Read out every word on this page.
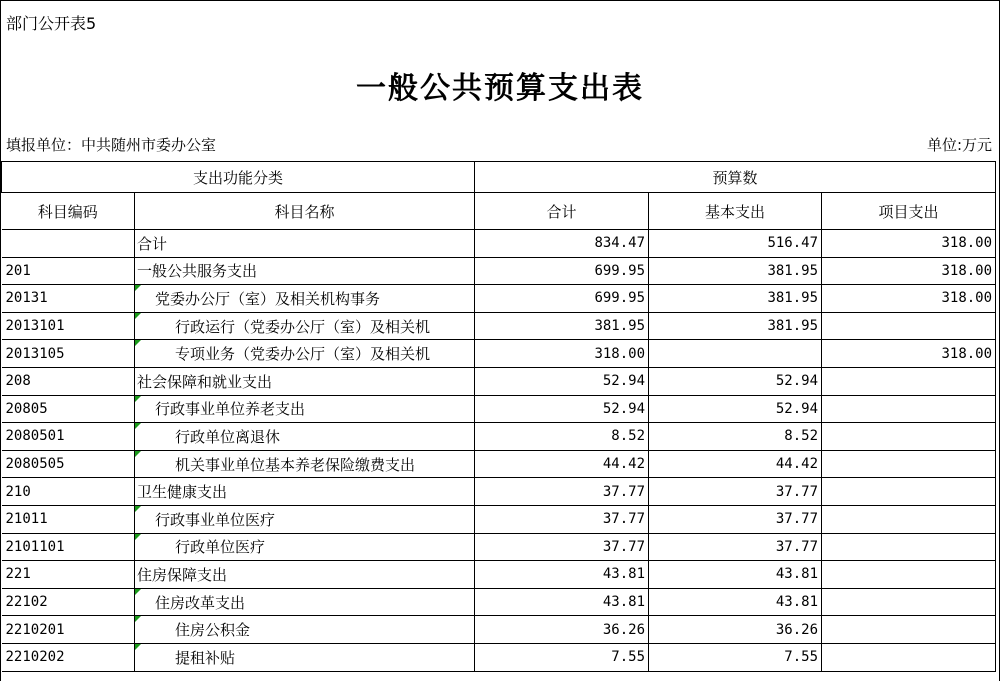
部门公开表5
一般公共预算支出表
填报单位：中共随州市委办公室	单位:万元
支出功能分类		预算数		
科目编码	科目名称	合计	基本支出	项目支出
	合计	834.47	516.47	318.00
201	一般公共服务支出	699.95	381.95	318.00
20131	党委办公厅（室）及相关机构事务	699.95	381.95	318.00
2013101	行政运行（党委办公厅（室）及相关机	381.95	381.95	
2013105	专项业务（党委办公厅（室）及相关机	318.00		318.00
208	社会保障和就业支出	52.94	52.94	
20805	行政事业单位养老支出	52.94	52.94	
2080501	行政单位离退休	8.52	8.52	
2080505	机关事业单位基本养老保险缴费支出	44.42	44.42	
210	卫生健康支出	37.77	37.77	
21011	行政事业单位医疗	37.77	37.77	
2101101	行政单位医疗	37.77	37.77	
221	住房保障支出	43.81	43.81	
22102	住房改革支出	43.81	43.81	
2210201	住房公积金	36.26	36.26	
2210202	提租补贴	7.55	7.55	
